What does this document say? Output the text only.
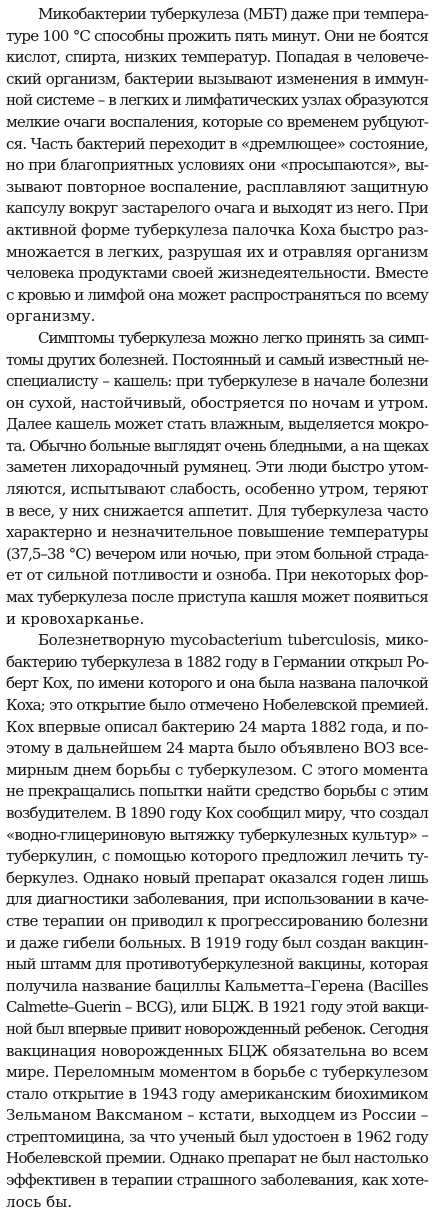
Микобактерии туберкулеза (МБТ) даже при темпера-
туре 100 °С способны прожить пять минут. Они не боятся
кислот, спирта, низких температур. Попадая в человече-
ский организм, бактерии вызывают изменения в иммун-
ной системе – в легких и лимфатических узлах образуются
мелкие очаги воспаления, которые со временем рубцуют-
ся. Часть бактерий переходит в «дремлющее» состояние,
но при благоприятных условиях они «просыпаются», вы-
зывают повторное воспаление, расплавляют защитную
капсулу вокруг застарелого очага и выходят из него. При
активной форме туберкулеза палочка Коха быстро раз-
множается в легких, разрушая их и отравляя организм
человека продуктами своей жизнедеятельности. Вместе
с кровью и лимфой она может распространяться по всему
организму.
Симптомы туберкулеза можно легко принять за симп-
томы других болезней. Постоянный и самый известный не-
специалисту – кашель: при туберкулезе в начале болезни
он сухой, настойчивый, обостряется по ночам и утром.
Далее кашель может стать влажным, выделяется мокро-
та. Обычно больные выглядят очень бледными, а на щеках
заметен лихорадочный румянец. Эти люди быстро утом-
ляются, испытывают слабость, особенно утром, теряют
в весе, у них снижается аппетит. Для туберкулеза часто
характерно и незначительное повышение температуры
(37,5–38 °С) вечером или ночью, при этом больной страда-
ет от сильной потливости и озноба. При некоторых фор-
мах туберкулеза после приступа кашля может появиться
и кровохарканье.
Болезнетворную mycobacterium tuberculosis, мико-
бактерию туберкулеза в 1882 году в Германии открыл Ро-
берт Кох, по имени которого и она была названа палочкой
Коха; это открытие было отмечено Нобелевской премией.
Кох впервые описал бактерию 24 марта 1882 года, и по-
этому в дальнейшем 24 марта было объявлено ВОЗ все-
мирным днем борьбы с туберкулезом. С этого момента
не прекращались попытки найти средство борьбы с этим
возбудителем. В 1890 году Кох сообщил миру, что создал
«водно-глицериновую вытяжку туберкулезных культур» –
туберкулин, с помощью которого предложил лечить ту-
беркулез. Однако новый препарат оказался годен лишь
для диагностики заболевания, при использовании в каче-
стве терапии он приводил к прогрессированию болезни
и даже гибели больных. В 1919 году был создан вакцин-
ный штамм для противотуберкулезной вакцины, которая
получила название бациллы Кальметта–Герена (Bacilles
Calmette–Guerin – BCG), или БЦЖ. В 1921 году этой вакци-
ной был впервые привит новорожденный ребенок. Сегодня
вакцинация новорожденных БЦЖ обязательна во всем
мире. Переломным моментом в борьбе с туберкулезом
стало открытие в 1943 году американским биохимиком
Зельманом Ваксманом – кстати, выходцем из России –
стрептомицина, за что ученый был удостоен в 1962 году
Нобелевской премии. Однако препарат не был настолько
эффективен в терапии страшного заболевания, как хоте-
лось бы.
